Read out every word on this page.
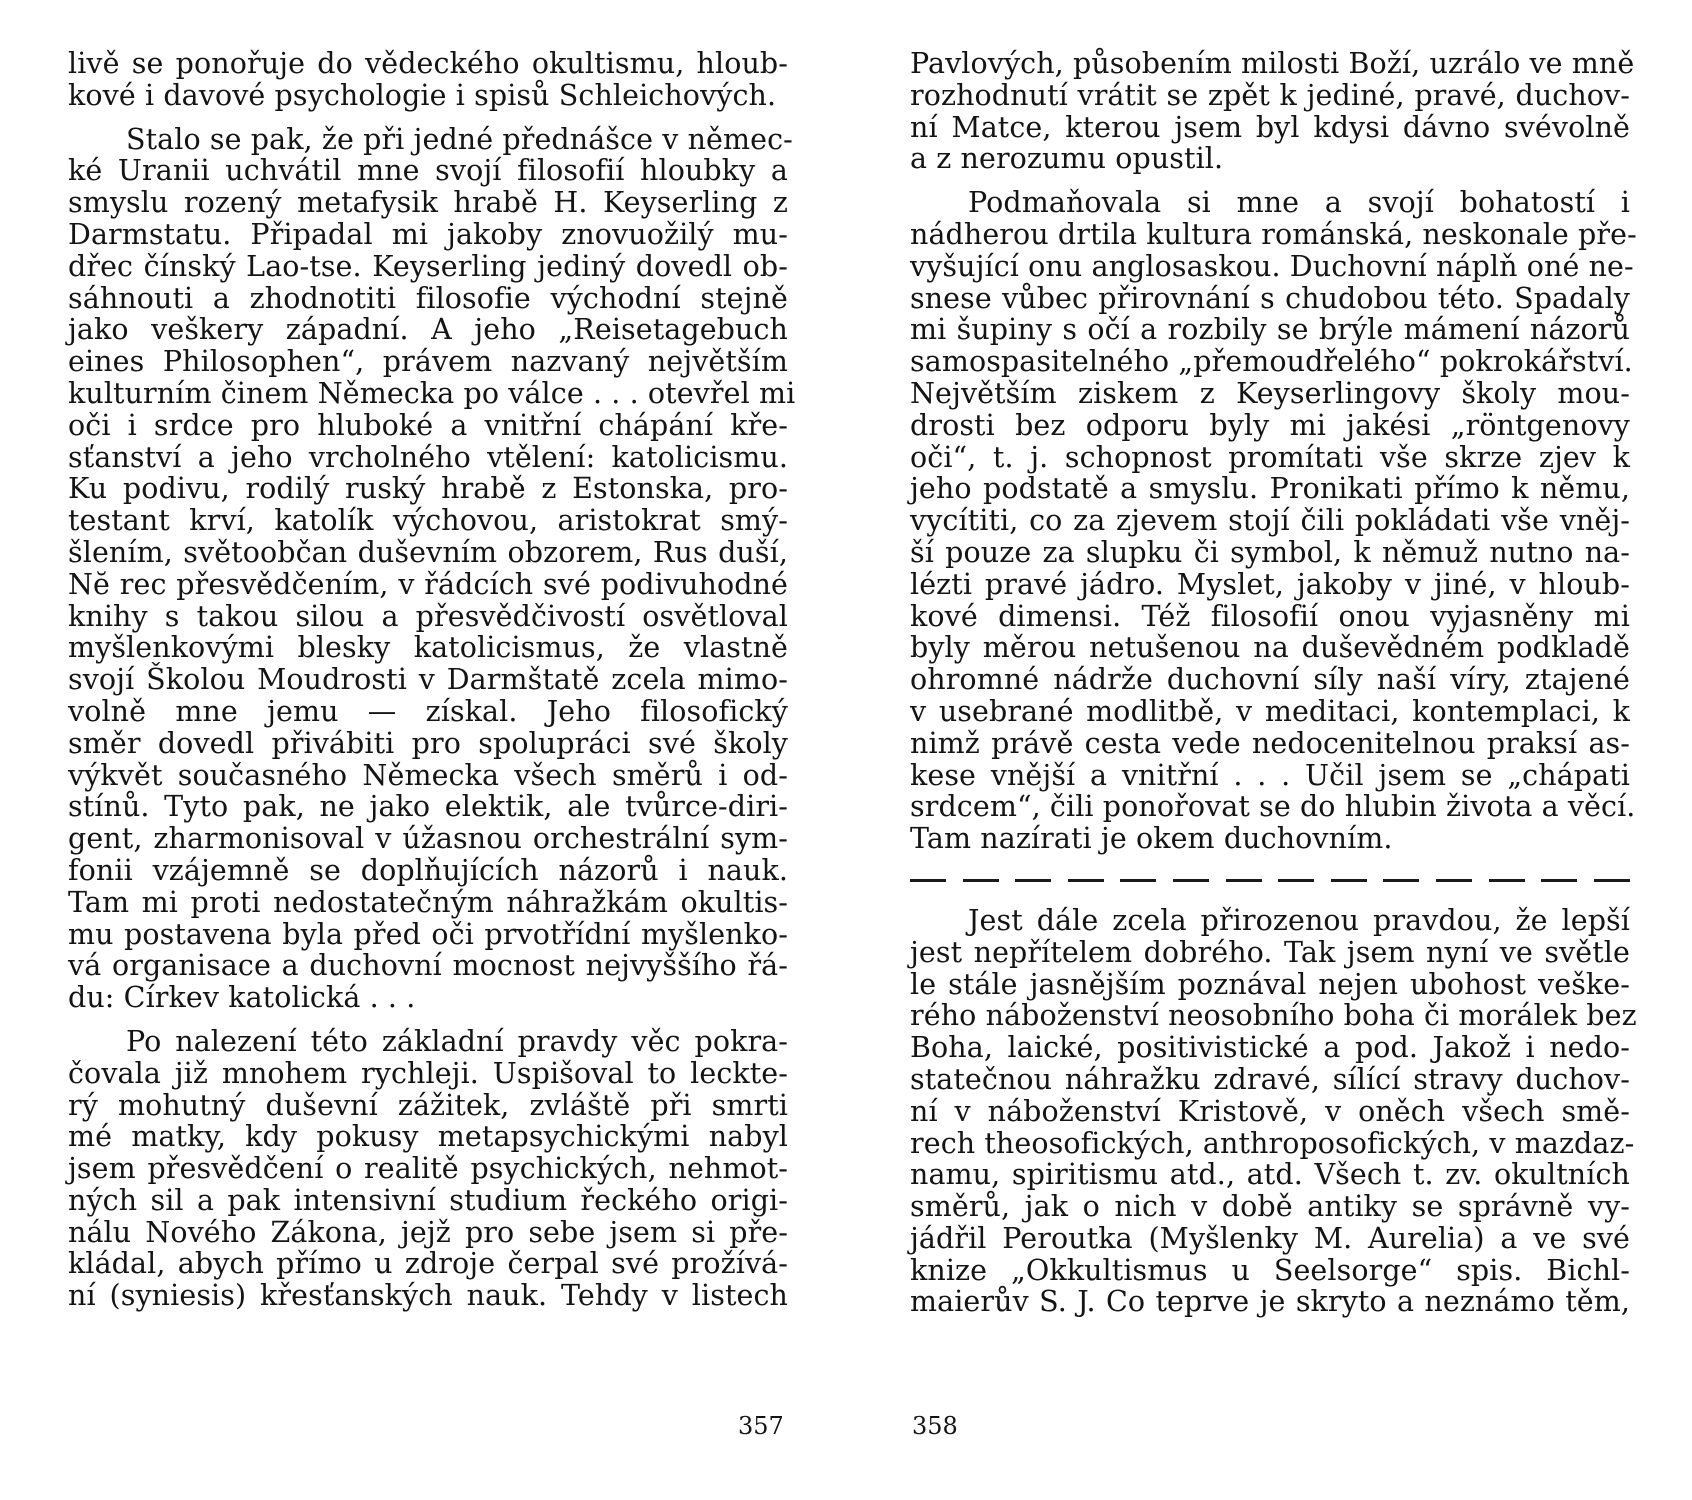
livě se ponořuje do vědeckého okultismu, hloub-
kové i davové psychologie i spisů Schleichových.
Stalo se pak, že při jedné přednášce v němec-
ké Uranii uchvátil mne svojí filosofií hloubky a
smyslu rozený metafysik hrabě H. Keyserling z
Darmstatu. Připadal mi jakoby znovuožilý mu-
dřec čínský Lao-tse. Keyserling jediný dovedl ob-
sáhnouti a zhodnotiti filosofie východní stejně
jako veškery západní. A jeho „Reisetagebuch
eines Philosophen“, právem nazvaný největším
kulturním činem Německa po válce . . . otevřel mi
oči i srdce pro hluboké a vnitřní chápání kře-
sťanství a jeho vrcholného vtělení: katolicismu.
Ku podivu, rodilý ruský hrabě z Estonska, pro-
testant krví, katolík výchovou, aristokrat smý-
šlením, světoobčan duševním obzorem, Rus duší,
Nĕ rec přesvědčením, v řádcích své podivuhodné
knihy s takou silou a přesvědčivostí osvětloval
myšlenkovými blesky katolicismus, že vlastně
svojí Školou Moudrosti v Darmštatě zcela mimo-
volně mne jemu — získal. Jeho filosofický
směr dovedl přivábiti pro spolupráci své školy
výkvět současného Německa všech směrů i od-
stínů. Tyto pak, ne jako elektik, ale tvůrce-diri-
gent, zharmonisoval v úžasnou orchestrální sym-
fonii vzájemně se doplňujících názorů i nauk.
Tam mi proti nedostatečným náhražkám okultis-
mu postavena byla před oči prvotřídní myšlenko-
vá organisace a duchovní mocnost nejvyššího řá-
du: Církev katolická . . .
Po nalezení této základní pravdy věc pokra-
čovala již mnohem rychleji. Uspišoval to leckte-
rý mohutný duševní zážitek, zvláště při smrti
mé matky, kdy pokusy metapsychickými nabyl
jsem přesvědčení o realitě psychických, nehmot-
ných sil a pak intensivní studium řeckého origi-
nálu Nového Zákona, jejž pro sebe jsem si pře-
kládal, abych přímo u zdroje čerpal své prožívá-
ní (syniesis) křesťanských nauk. Tehdy v listech
Pavlových, působením milosti Boží, uzrálo ve mně
rozhodnutí vrátit se zpět k jediné, pravé, duchov-
ní Matce, kterou jsem byl kdysi dávno svévolně
a z nerozumu opustil.
Podmaňovala si mne a svojí bohatostí i
nádherou drtila kultura románská, neskonale pře-
vyšující onu anglosaskou. Duchovní náplň oné ne-
snese vůbec přirovnání s chudobou této. Spadaly
mi šupiny s očí a rozbily se brýle mámení názorů
samospasitelného „přemoudřelého“ pokrokářství.
Největším ziskem z Keyserlingovy školy mou-
drosti bez odporu byly mi jakési „röntgenovy
oči“, t. j. schopnost promítati vše skrze zjev k
jeho podstatě a smyslu. Pronikati přímo k němu,
vycítiti, co za zjevem stojí čili pokládati vše vněj-
ší pouze za slupku či symbol, k němuž nutno na-
lézti pravé jádro. Myslet, jakoby v jiné, v hloub-
kové dimensi. Též filosofií onou vyjasněny mi
byly měrou netušenou na duševědném podkladě
ohromné nádrže duchovní síly naší víry, ztajené
v usebrané modlitbě, v meditaci, kontemplaci, k
nimž právě cesta vede nedocenitelnou praksí as-
kese vnější a vnitřní . . . Učil jsem se „chápati
srdcem“, čili ponořovat se do hlubin života a věcí.
Tam nazírati je okem duchovním.
Jest dále zcela přirozenou pravdou, že lepší
jest nepřítelem dobrého. Tak jsem nyní ve světle
le stále jasnějším poznával nejen ubohost veške-
rého náboženství neosobního boha či morálek bez
Boha, laické, positivistické a pod. Jakož i nedo-
statečnou náhražku zdravé, sílící stravy duchov-
ní v náboženství Kristově, v oněch všech smě-
rech theosofických, anthroposofických, v mazdaz-
namu, spiritismu atd., atd. Všech t. zv. okultních
směrů, jak o nich v době antiky se správně vy-
jádřil Peroutka (Myšlenky M. Aurelia) a ve své
knize „Okkultismus u Seelsorge“ spis. Bichl-
maierův S. J. Co teprve je skryto a neznámo těm,
357	358
